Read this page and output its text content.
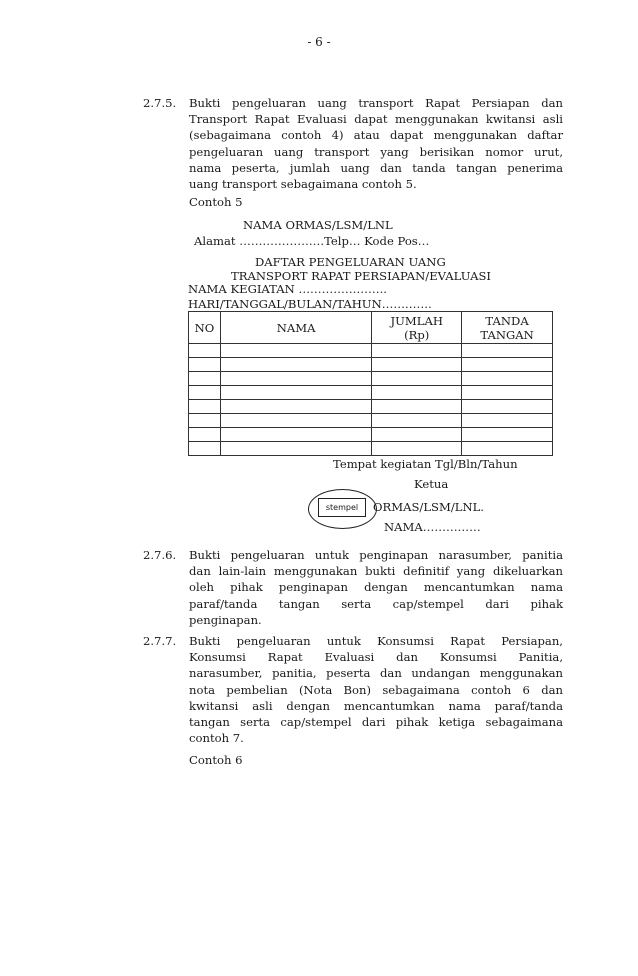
- 6 -
2.7.5. Bukti pengeluaran uang transport Rapat Persiapan dan
Transport Rapat Evaluasi dapat menggunakan kwitansi asli
(sebagaimana contoh 4) atau dapat menggunakan daftar
pengeluaran uang transport yang berisikan nomor urut,
nama peserta, jumlah uang dan tanda tangan penerima
uang transport sebagaimana contoh 5.
Contoh 5
NAMA ORMAS/LSM/LNL
Alamat ………………….Telp… Kode Pos…
DAFTAR PENGELUARAN UANG
TRANSPORT RAPAT PERSIAPAN/EVALUASI
NAMA KEGIATAN …………………..
HARI/TANGGAL/BULAN/TAHUN………….
NO	NAMA	JUMLAH (Rp)	TANDA TANGAN

Tempat kegiatan Tgl/Bln/Tahun
Ketua
stempel	ORMAS/LSM/LNL.
NAMA……………
2.7.6. Bukti pengeluaran untuk penginapan narasumber, panitia
dan lain-lain menggunakan bukti definitif yang dikeluarkan
oleh pihak penginapan dengan mencantumkan nama
paraf/tanda tangan serta cap/stempel dari pihak
penginapan.
2.7.7. Bukti pengeluaran untuk Konsumsi Rapat Persiapan,
Konsumsi Rapat Evaluasi dan Konsumsi Panitia,
narasumber, panitia, peserta dan undangan menggunakan
nota pembelian (Nota Bon) sebagaimana contoh 6 dan
kwitansi asli dengan mencantumkan nama paraf/tanda
tangan serta cap/stempel dari pihak ketiga sebagaimana
contoh 7.
Contoh 6
